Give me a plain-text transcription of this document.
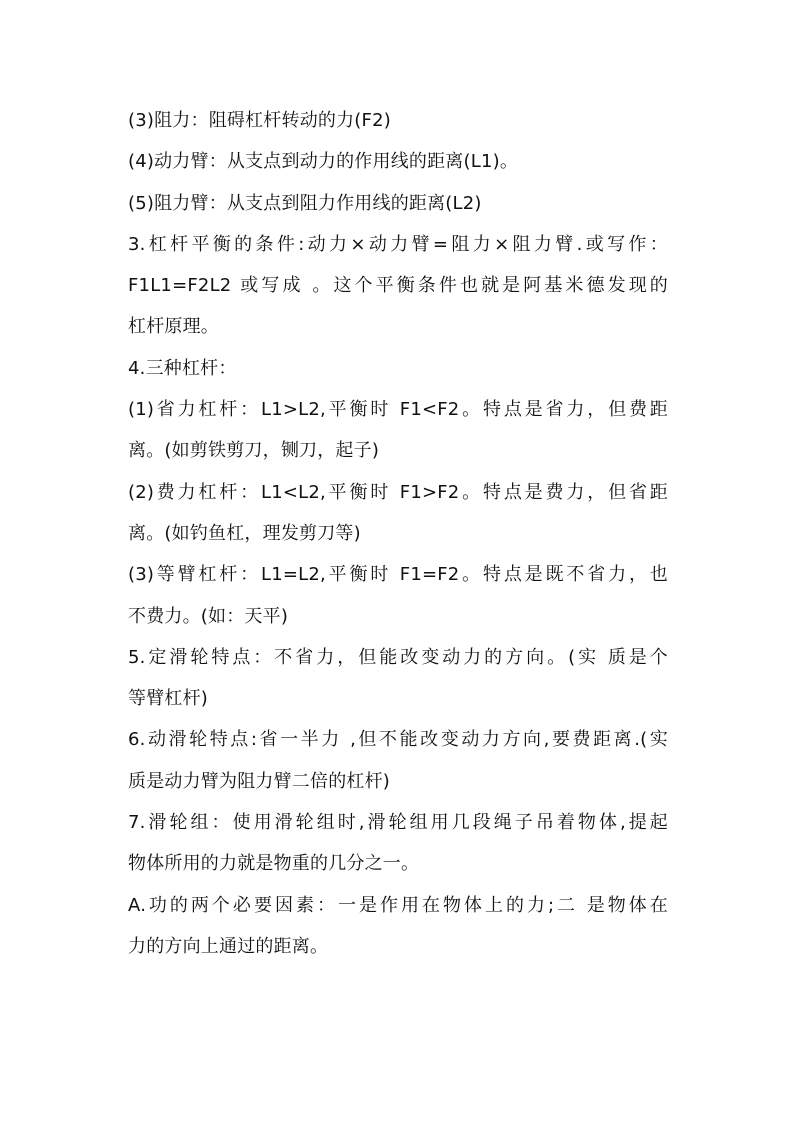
(3)阻力：阻碍杠杆转动的力(F2)
(4)动力臂：从支点到动力的作用线的距离(L1)。
(5)阻力臂：从支点到阻力作用线的距离(L2)
3.杠杆平衡的条件:动力×动力臂=阻力×阻力臂.或写作：
F1L1=F2L2 或写成 。这个平衡条件也就是阿基米德发现的
杠杆原理。
4.三种杠杆：
(1)省力杠杆：L1>L2,平衡时 F1<F2。特点是省力，但费距
离。(如剪铁剪刀，铡刀，起子)
(2)费力杠杆：L1<L2,平衡时 F1>F2。特点是费力，但省距
离。(如钓鱼杠，理发剪刀等)
(3)等臂杠杆：L1=L2,平衡时 F1=F2。特点是既不省力，也
不费力。(如：天平)
5.定滑轮特点：不省力，但能改变动力的方向。(实 质是个
等臂杠杆)
6.动滑轮特点:省一半力 ,但不能改变动力方向,要费距离.(实
质是动力臂为阻力臂二倍的杠杆)
7.滑轮组：使用滑轮组时,滑轮组用几段绳子吊着物体,提起
物体所用的力就是物重的几分之一。
A.功的两个必要因素：一是作用在物体上的力;二 是物体在
力的方向上通过的距离。
